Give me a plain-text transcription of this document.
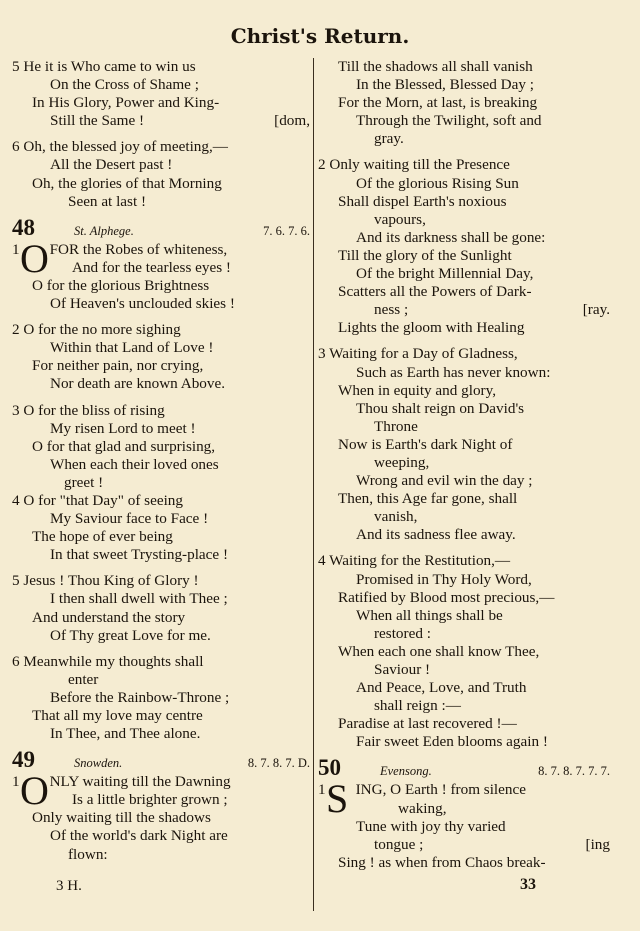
Christ's Return.
5 He it is Who came to win us
On the Cross of Shame ;
In His Glory, Power and King-
Still the Same !	[dom,
6 Oh, the blessed joy of meeting,—
All the Desert past !
Oh, the glories of that Morning
Seen at last !
48	St. Alphege.	7. 6. 7. 6.
1 O FOR the Robes of whiteness,
And for the tearless eyes !
O for the glorious Brightness
Of Heaven's unclouded skies !
2 O for the no more sighing
Within that Land of Love !
For neither pain, nor crying,
Nor death are known Above.
3 O for the bliss of rising
My risen Lord to meet !
O for that glad and surprising,
When each their loved ones
greet !
4 O for "that Day" of seeing
My Saviour face to Face !
The hope of ever being
In that sweet Trysting-place !
5 Jesus ! Thou King of Glory !
I then shall dwell with Thee ;
And understand the story
Of Thy great Love for me.
6 Meanwhile my thoughts shall
enter
Before the Rainbow-Throne ;
That all my love may centre
In Thee, and Thee alone.
49	Snowden.	8. 7. 8. 7. D.
1 O NLY waiting till the Dawning
Is a little brighter grown ;
Only waiting till the shadows
Of the world's dark Night are
flown:
Till the shadows all shall vanish
In the Blessed, Blessed Day ;
For the Morn, at last, is breaking
Through the Twilight, soft and
gray.
2 Only waiting till the Presence
Of the glorious Rising Sun
Shall dispel Earth's noxious
vapours,
And its darkness shall be gone:
Till the glory of the Sunlight
Of the bright Millennial Day,
Scatters all the Powers of Dark-
ness ;	[ray.
Lights the gloom with Healing
3 Waiting for a Day of Gladness,
Such as Earth has never known:
When in equity and glory,
Thou shalt reign on David's
Throne
Now is Earth's dark Night of
weeping,
Wrong and evil win the day ;
Then, this Age far gone, shall
vanish,
And its sadness flee away.
4 Waiting for the Restitution,—
Promised in Thy Holy Word,
Ratified by Blood most precious,—
When all things shall be
restored :
When each one shall know Thee,
Saviour !
And Peace, Love, and Truth
shall reign :—
Paradise at last recovered !—
Fair sweet Eden blooms again !
50	Evensong.	8. 7. 8. 7. 7. 7.
1 S ING, O Earth ! from silence
waking,
Tune with joy thy varied
tongue ;	[ing
Sing ! as when from Chaos break-
3 H.	33
